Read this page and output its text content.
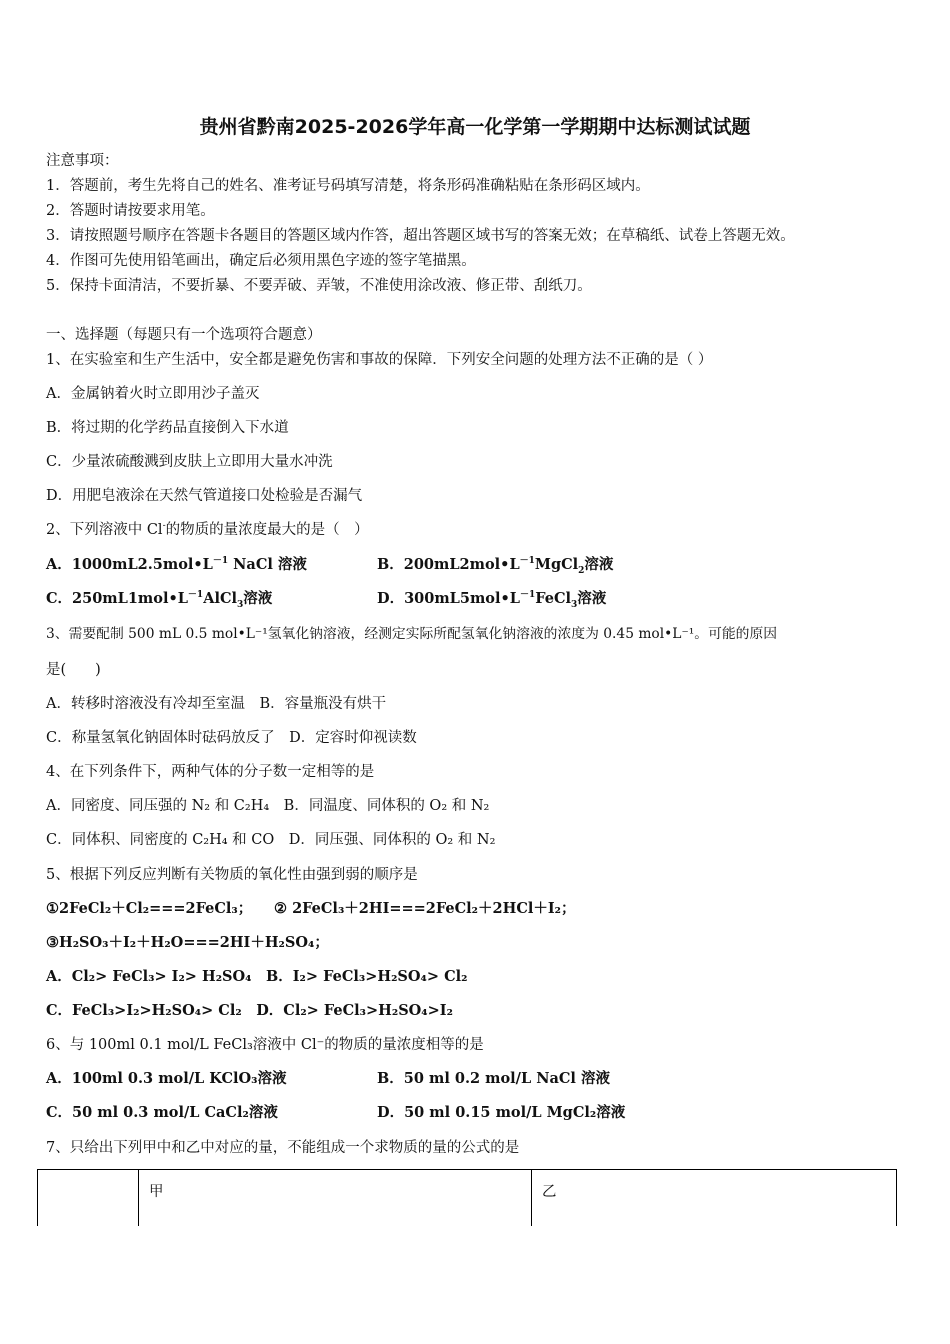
贵州省黔南2025-2026学年高一化学第一学期期中达标测试试题
注意事项：
1．答题前，考生先将自己的姓名、准考证号码填写清楚，将条形码准确粘贴在条形码区域内。
2．答题时请按要求用笔。
3．请按照题号顺序在答题卡各题目的答题区域内作答，超出答题区域书写的答案无效；在草稿纸、试卷上答题无效。
4．作图可先使用铅笔画出，确定后必须用黑色字迹的签字笔描黑。
5．保持卡面清洁，不要折暴、不要弄破、弄皱，不准使用涂改液、修正带、刮纸刀。
一、选择题（每题只有一个选项符合题意）
1、在实验室和生产生活中，安全都是避免伤害和事故的保障．下列安全问题的处理方法不正确的是（ ）
A．金属钠着火时立即用沙子盖灭
B．将过期的化学药品直接倒入下水道
C．少量浓硫酸溅到皮肤上立即用大量水冲洗
D．用肥皂液涂在天然气管道接口处检验是否漏气
2、下列溶液中 Cl-的物质的量浓度最大的是（　）
A．$1000mL2.5mol•L^{-1}$ NaCl 溶液	B．$200mL2mol•L^{-1}MgCl_2$溶液
C．$250mL1mol•L^{-1}AlCl_3$溶液	D．$300mL5mol•L^{-1}FeCl_3$溶液
3、需要配制 500 mL 0.5 mol•L⁻¹氢氧化钠溶液，经测定实际所配氢氧化钠溶液的浓度为 0.45 mol•L⁻¹。可能的原因
是(　　)
A．转移时溶液没有冷却至室温　B．容量瓶没有烘干
C．称量氢氧化钠固体时砝码放反了　D．定容时仰视读数
4、在下列条件下，两种气体的分子数一定相等的是
A．同密度、同压强的 N₂ 和 C₂H₄　B．同温度、同体积的 O₂ 和 N₂
C．同体积、同密度的 C₂H₄ 和 CO　D．同压强、同体积的 O₂ 和 N₂
5、根据下列反应判断有关物质的氧化性由强到弱的顺序是
①2FeCl₂＋Cl₂===2FeCl₃；　　② 2FeCl₃＋2HI===2FeCl₂＋2HCl＋I₂；
③H₂SO₃＋I₂＋H₂O===2HI＋H₂SO₄；
A．Cl₂> FeCl₃> I₂> H₂SO₄　B．I₂> FeCl₃>H₂SO₄> Cl₂
C．FeCl₃>I₂>H₂SO₄> Cl₂　D．Cl₂> FeCl₃>H₂SO₄>I₂
6、与 100ml 0.1 mol/L FeCl₃溶液中 Cl⁻的物质的量浓度相等的是
A．100ml 0.3 mol/L KClO₃溶液	B．50 ml 0.2 mol/L NaCl 溶液
C．50 ml 0.3 mol/L CaCl₂溶液	D．50 ml 0.15 mol/L MgCl₂溶液
7、只给出下列甲中和乙中对应的量，不能组成一个求物质的量的公式的是
	甲	乙
